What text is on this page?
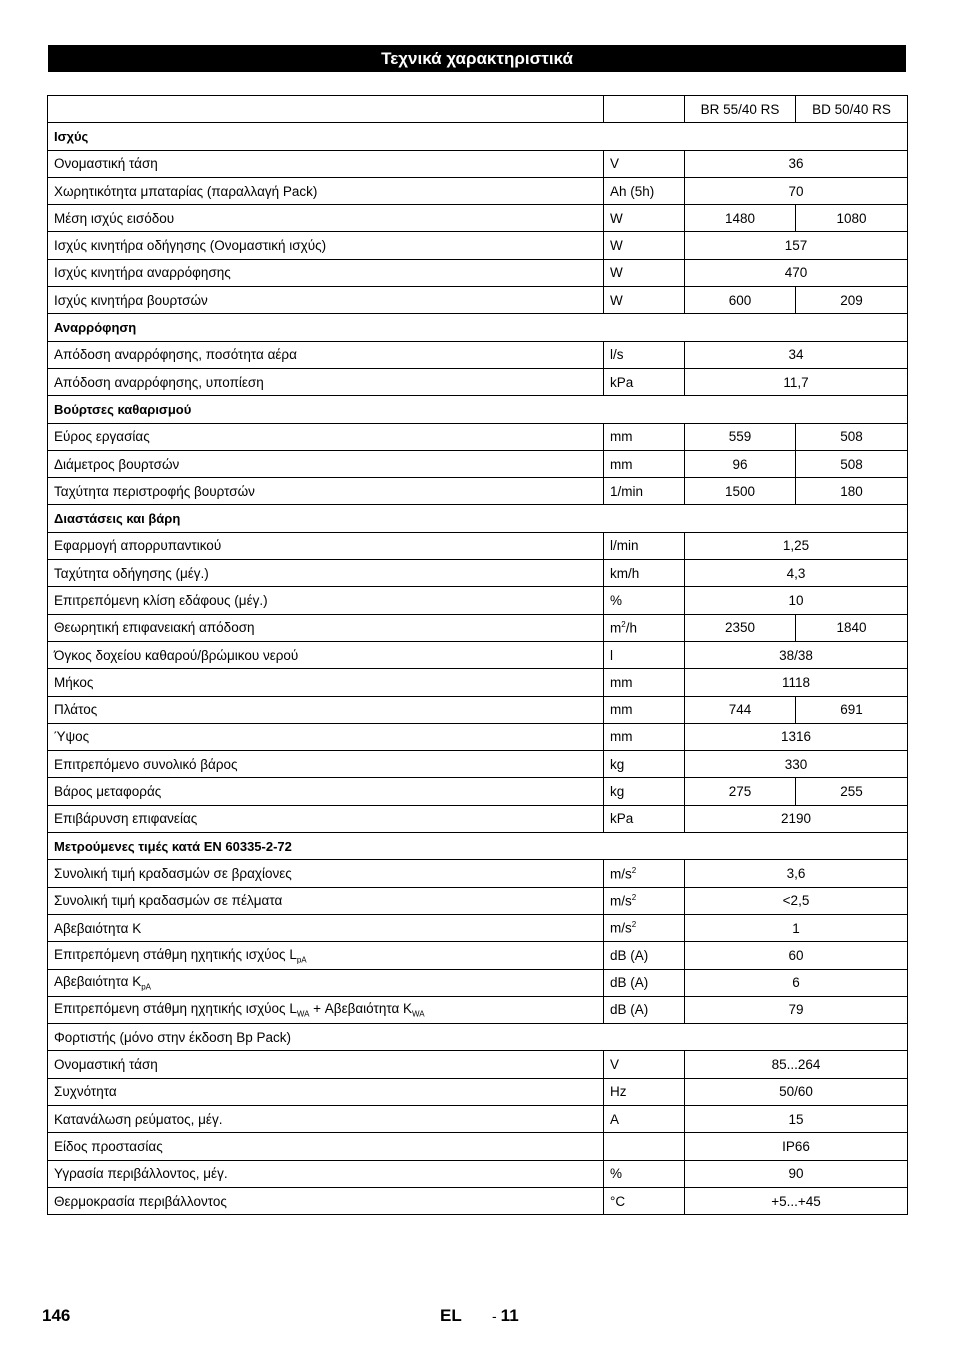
Τεχνικά χαρακτηριστικά
		BR 55/40 RS	BD 50/40 RS
Ισχύς			
Ονομαστική τάση	V	36	
Χωρητικότητα μπαταρίας (παραλλαγή Pack)	Ah (5h)	70	
Μέση ισχύς εισόδου	W	1480	1080
Ισχύς κινητήρα οδήγησης (Ονομαστική ισχύς)	W	157	
Ισχύς κινητήρα αναρρόφησης	W	470	
Ισχύς κινητήρα βουρτσών	W	600	209
Αναρρόφηση			
Απόδοση αναρρόφησης, ποσότητα αέρα	l/s	34	
Απόδοση αναρρόφησης, υποπίεση	kPa	11,7	
Βούρτσες καθαρισμού			
Εύρος εργασίας	mm	559	508
Διάμετρος βουρτσών	mm	96	508
Ταχύτητα περιστροφής βουρτσών	1/min	1500	180
Διαστάσεις και βάρη			
Εφαρμογή απορρυπαντικού	l/min	1,25	
Ταχύτητα οδήγησης (μέγ.)	km/h	4,3	
Επιτρεπόμενη κλίση εδάφους (μέγ.)	%	10	
Θεωρητική επιφανειακή απόδοση	$m^2/h$	2350	1840
Όγκος δοχείου καθαρού/βρώμικου νερού	l	38/38	
Μήκος	mm	1118	
Πλάτος	mm	744	691
Ύψος	mm	1316	
Επιτρεπόμενο συνολικό βάρος	kg	330	
Βάρος μεταφοράς	kg	275	255
Επιβάρυνση επιφανείας	kPa	2190	
Μετρούμενες τιμές κατά EN 60335-2-72			
Συνολική τιμή κραδασμών σε βραχίονες	$m/s^2$	3,6	
Συνολική τιμή κραδασμών σε πέλματα	$m/s^2$	<2,5	
Αβεβαιότητα K	$m/s^2$	1	
Επιτρεπόμενη στάθμη ηχητικής ισχύος $L_{pA}$	dB (A)	60	
Αβεβαιότητα $K_{pA}$	dB (A)	6	
Επιτρεπόμενη στάθμη ηχητικής ισχύος $L_{WA} + A\beta\varepsilon\beta\alpha\iota ό\tau\eta\tau\alpha$ $K_{WA}$	dB (A)	79	
Φορτιστής (μόνο στην έκδοση Bp Pack)			
Ονομαστική τάση	V	85...264	
Συχνότητα	Hz	50/60	
Κατανάλωση ρεύματος, μέγ.	A	15	
Είδος προστασίας		IP66	
Υγρασία περιβάλλοντος, μέγ.	%	90	
Θερμοκρασία περιβάλλοντος	°C	+5...+45	
146	EL - 11
